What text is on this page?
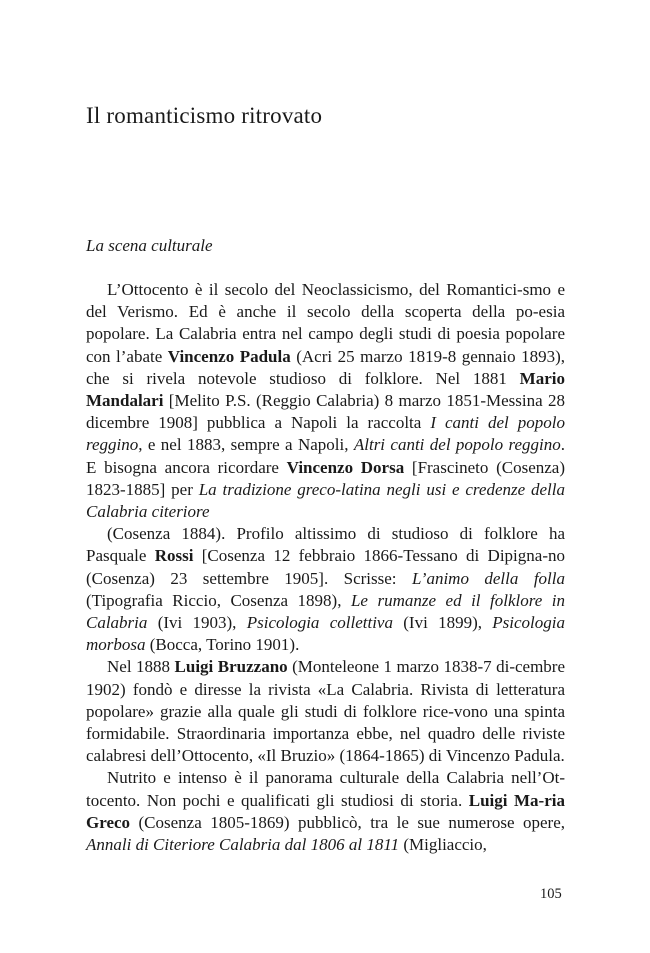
Il romanticismo ritrovato
La scena culturale

L’Ottocento è il secolo del Neoclassicismo, del Romantici-smo e del Verismo. Ed è anche il secolo della scoperta della po-esia popolare. La Calabria entra nel campo degli studi di poesia popolare con l’abate Vincenzo Padula (Acri 25 marzo 1819-8 gennaio 1893), che si rivela notevole studioso di folklore. Nel 1881 Mario Mandalari [Melito P.S. (Reggio Calabria) 8 marzo 1851-Messina 28 dicembre 1908] pubblica a Napoli la raccolta I canti del popolo reggino, e nel 1883, sempre a Napoli, Altri canti del popolo reggino. E bisogna ancora ricordare Vincenzo Dorsa [Frascineto (Cosenza) 1823-1885] per La tradizione greco-latina negli usi e credenze della Calabria citeriore

(Cosenza 1884). Profilo altissimo di studioso di folklore ha Pasquale Rossi [Cosenza 12 febbraio 1866-Tessano di Dipigna-no (Cosenza) 23 settembre 1905]. Scrisse: L’animo della folla (Tipografia Riccio, Cosenza 1898), Le rumanze ed il folklore in Calabria (Ivi 1903), Psicologia collettiva (Ivi 1899), Psicologia morbosa (Bocca, Torino 1901).

Nel 1888 Luigi Bruzzano (Monteleone 1 marzo 1838-7 di-cembre 1902) fondò e diresse la rivista «La Calabria. Rivista di letteratura popolare» grazie alla quale gli studi di folklore rice-vono una spinta formidabile. Straordinaria importanza ebbe, nel quadro delle riviste calabresi dell’Ottocento, «Il Bruzio» (1864-1865) di Vincenzo Padula.

Nutrito e intenso è il panorama culturale della Calabria nell’Ot-tocento. Non pochi e qualificati gli studiosi di storia. Luigi Ma-ria Greco (Cosenza 1805-1869) pubblicò, tra le sue numerose opere, Annali di Citeriore Calabria dal 1806 al 1811 (Migliaccio,

105
